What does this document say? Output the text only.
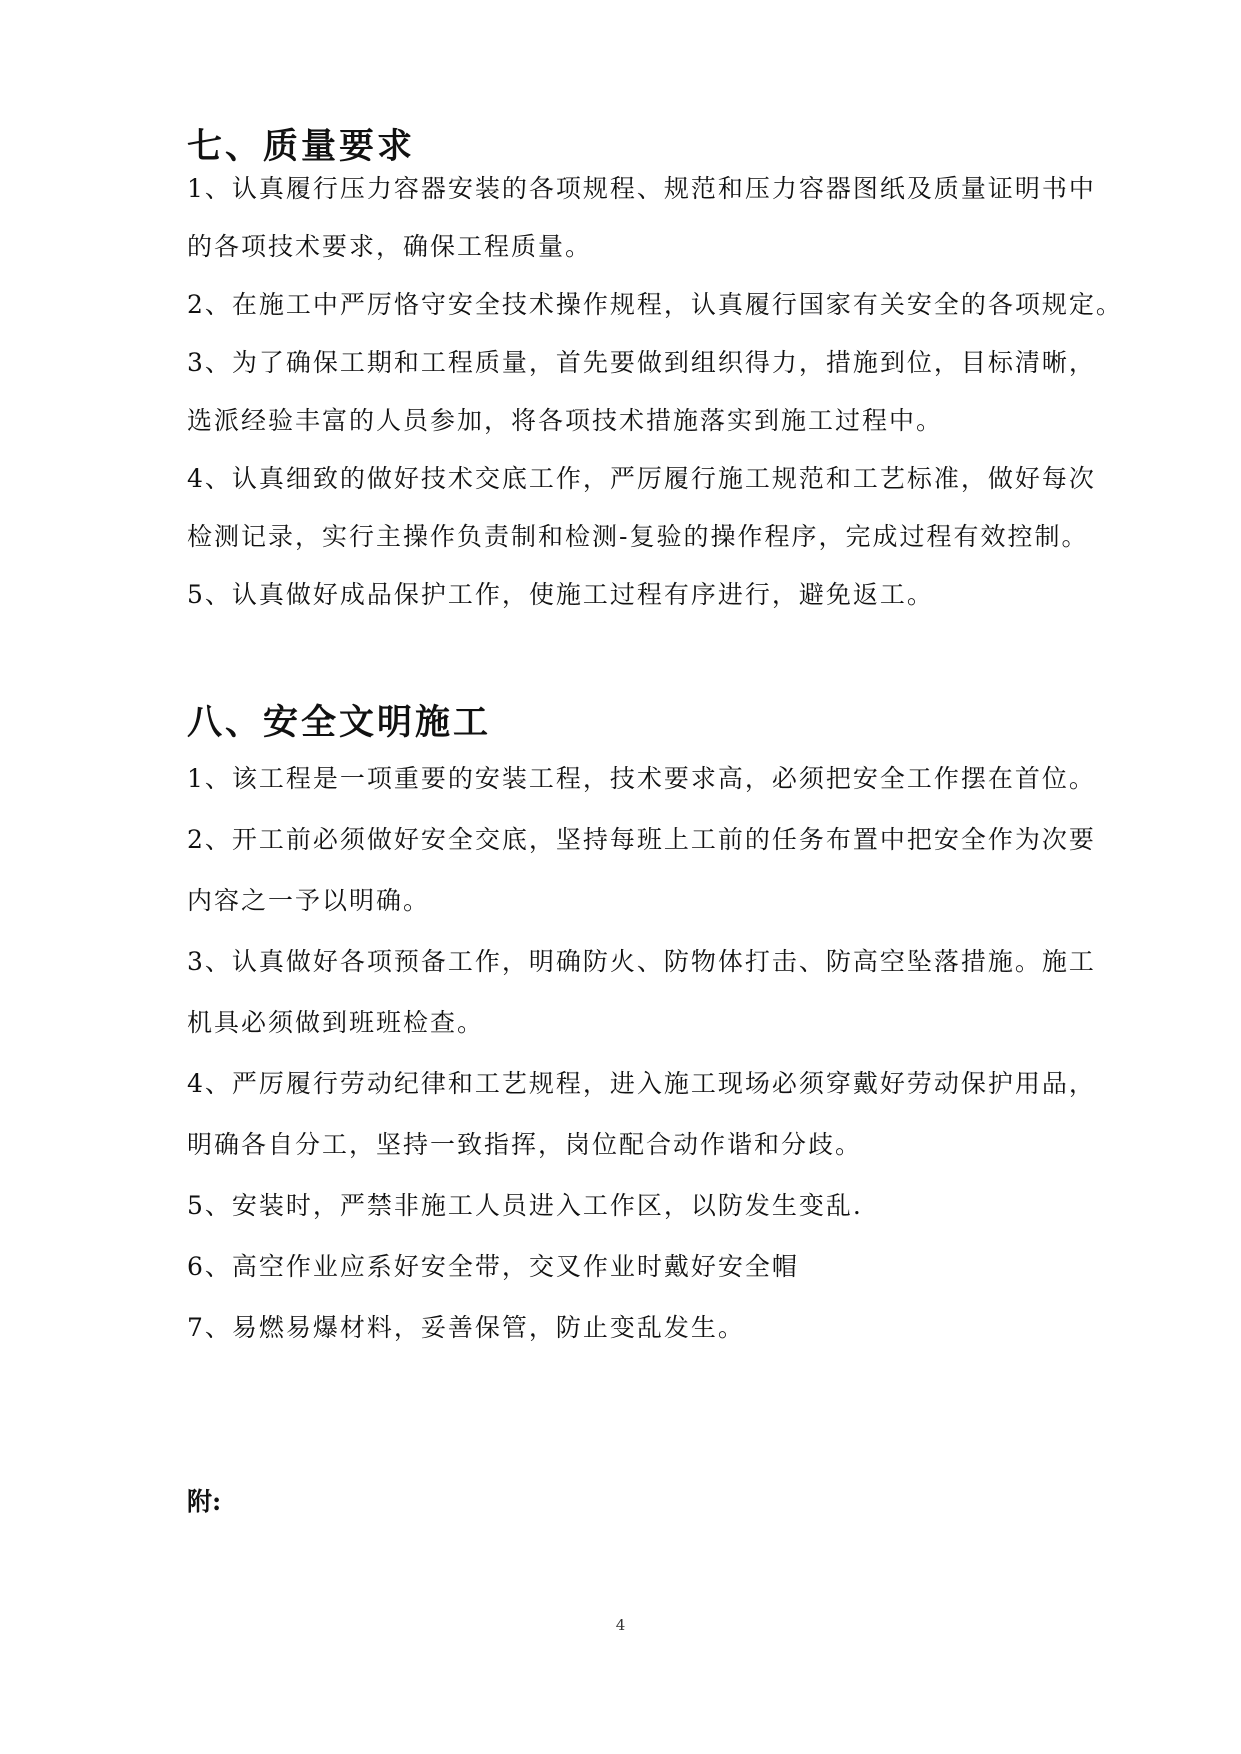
七、质量要求

1、认真履行压力容器安装的各项规程、规范和压力容器图纸及质量证明书中

的各项技术要求，确保工程质量。

2、在施工中严厉恪守安全技术操作规程，认真履行国家有关安全的各项规定。

3、为了确保工期和工程质量，首先要做到组织得力，措施到位，目标清晰，

选派经验丰富的人员参加，将各项技术措施落实到施工过程中。

4、认真细致的做好技术交底工作，严厉履行施工规范和工艺标准，做好每次

检测记录，实行主操作负责制和检测-复验的操作程序，完成过程有效控制。

5、认真做好成品保护工作，使施工过程有序进行，避免返工。

八、安全文明施工

1、该工程是一项重要的安装工程，技术要求高，必须把安全工作摆在首位。

2、开工前必须做好安全交底，坚持每班上工前的任务布置中把安全作为次要

内容之一予以明确。

3、认真做好各项预备工作，明确防火、防物体打击、防高空坠落措施。施工

机具必须做到班班检查。

4、严厉履行劳动纪律和工艺规程，进入施工现场必须穿戴好劳动保护用品，

明确各自分工，坚持一致指挥，岗位配合动作谐和分歧。

5、安装时，严禁非施工人员进入工作区，以防发生变乱.

6、高空作业应系好安全带，交叉作业时戴好安全帽

7、易燃易爆材料，妥善保管，防止变乱发生。

附:

4
